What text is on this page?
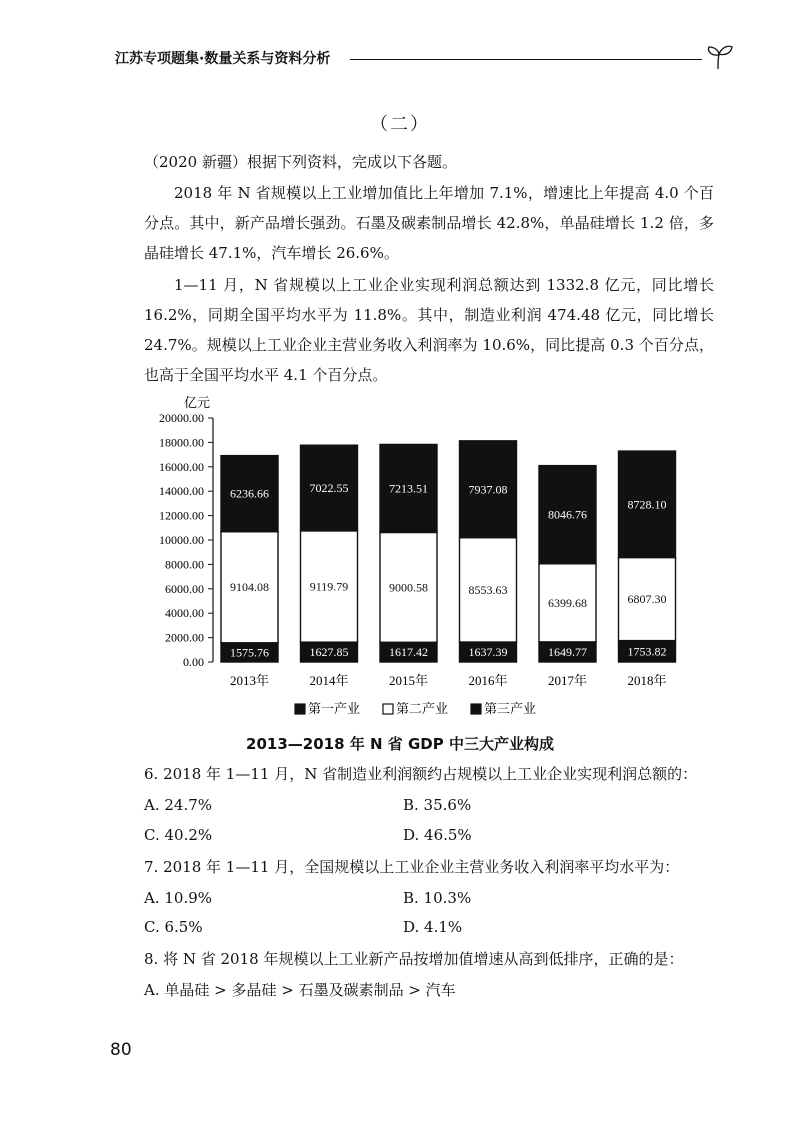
江苏专项题集·数量关系与资料分析
（二）
（2020 新疆）根据下列资料，完成以下各题。
2018 年 N 省规模以上工业增加值比上年增加 7.1%，增速比上年提高 4.0 个百分点。其中，新产品增长强劲。石墨及碳素制品增长 42.8%，单晶硅增长 1.2 倍，多晶硅增长 47.1%，汽车增长 26.6%。
1—11 月，N 省规模以上工业企业实现利润总额达到 1332.8 亿元，同比增长 16.2%，同期全国平均水平为 11.8%。其中，制造业利润 474.48 亿元，同比增长 24.7%。规模以上工业企业主营业务收入利润率为 10.6%，同比提高 0.3 个百分点，也高于全国平均水平 4.1 个百分点。
亿元
0.00
2000.00
4000.00
6000.00
8000.00
10000.00
12000.00
14000.00
16000.00
18000.00
20000.00
1575.76
9104.08
6236.66
2013年
1627.85
9119.79
7022.55
2014年
1617.42
9000.58
7213.51
2015年
1637.39
8553.63
7937.08
2016年
1649.77
6399.68
8046.76
2017年
1753.82
6807.30
8728.10
2018年
第一产业	第二产业	第三产业
2013—2018 年 N 省 GDP 中三大产业构成
6. 2018 年 1—11 月，N 省制造业利润额约占规模以上工业企业实现利润总额的：
A. 24.7%	B. 35.6%
C. 40.2%	D. 46.5%
7. 2018 年 1—11 月，全国规模以上工业企业主营业务收入利润率平均水平为：
A. 10.9%	B. 10.3%
C. 6.5%	D. 4.1%
8. 将 N 省 2018 年规模以上工业新产品按增加值增速从高到低排序，正确的是：
A. 单晶硅 > 多晶硅 > 石墨及碳素制品 > 汽车
80
